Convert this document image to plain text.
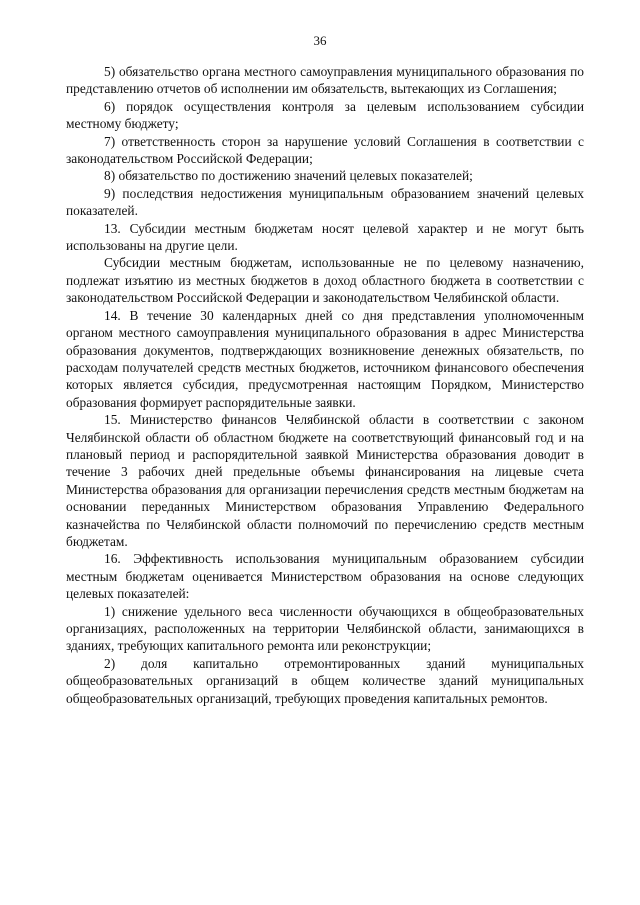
36

5) обязательство органа местного самоуправления муниципального образования по представлению отчетов об исполнении им обязательств, вытекающих из Соглашения;

6) порядок осуществления контроля за целевым использованием субсидии местному бюджету;

7) ответственность сторон за нарушение условий Соглашения в соответствии с законодательством Российской Федерации;

8) обязательство по достижению значений целевых показателей;

9) последствия недостижения муниципальным образованием значений целевых показателей.

13. Субсидии местным бюджетам носят целевой характер и не могут быть использованы на другие цели.

Субсидии местным бюджетам, использованные не по целевому назначению, подлежат изъятию из местных бюджетов в доход областного бюджета в соответствии с законодательством Российской Федерации и законодательством Челябинской области.

14. В течение 30 календарных дней со дня представления уполномоченным органом местного самоуправления муниципального образования в адрес Министерства образования документов, подтверждающих возникновение денежных обязательств, по расходам получателей средств местных бюджетов, источником финансового обеспечения которых является субсидия, предусмотренная настоящим Порядком, Министерство образования формирует распорядительные заявки.

15. Министерство финансов Челябинской области в соответствии с законом Челябинской области об областном бюджете на соответствующий финансовый год и на плановый период и распорядительной заявкой Министерства образования доводит в течение 3 рабочих дней предельные объемы финансирования на лицевые счета Министерства образования для организации перечисления средств местным бюджетам на основании переданных Министерством образования Управлению Федерального казначейства по Челябинской области полномочий по перечислению средств местным бюджетам.

16. Эффективность использования муниципальным образованием субсидии местным бюджетам оценивается Министерством образования на основе следующих целевых показателей:

1) снижение удельного веса численности обучающихся в общеобразовательных организациях, расположенных на территории Челябинской области, занимающихся в зданиях, требующих капитального ремонта или реконструкции;

2) доля капитально отремонтированных зданий муниципальных общеобразовательных организаций в общем количестве зданий муниципальных общеобразовательных организаций, требующих проведения капитальных ремонтов.
